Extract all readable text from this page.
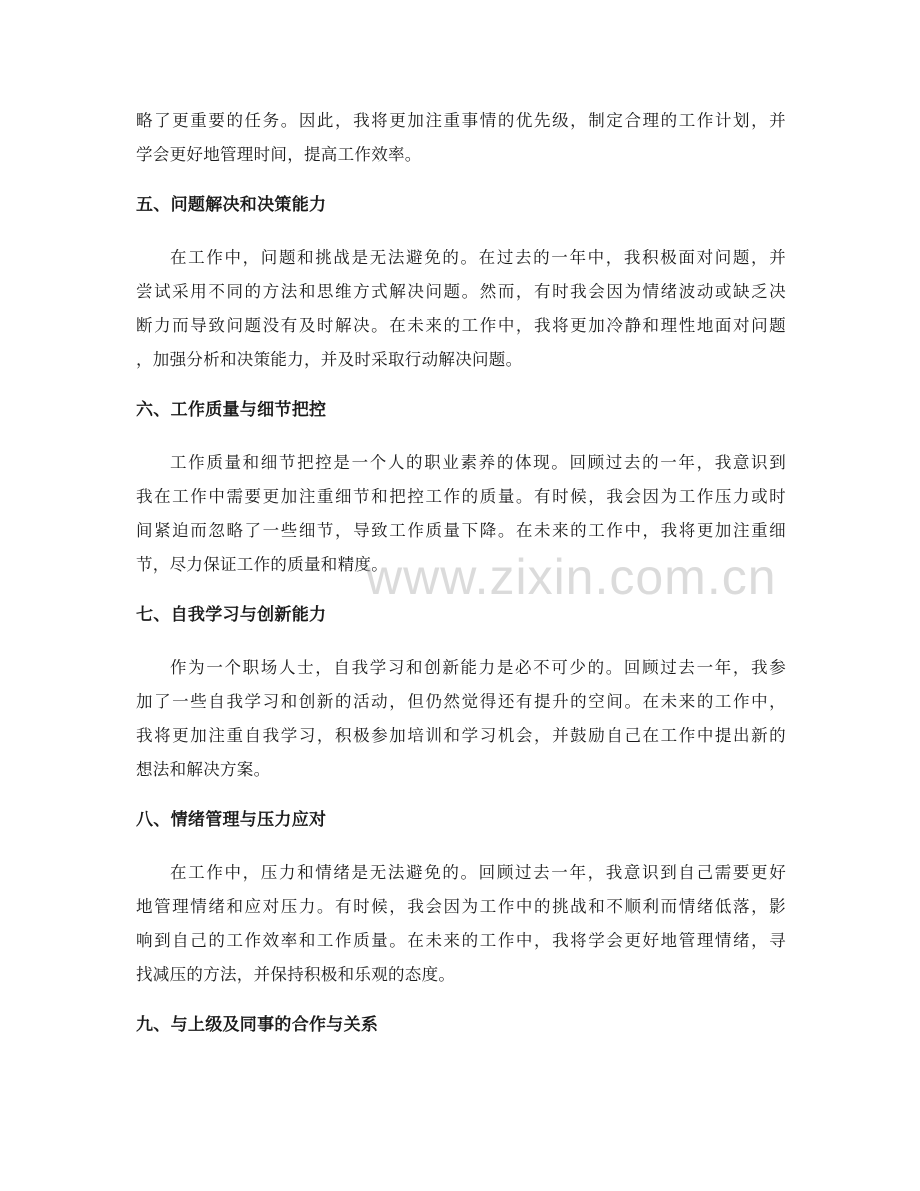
略了更重要的任务。因此，我将更加注重事情的优先级，制定合理的工作计划，并
学会更好地管理时间，提高工作效率。
五、问题解决和决策能力
在工作中，问题和挑战是无法避免的。在过去的一年中，我积极面对问题，并
尝试采用不同的方法和思维方式解决问题。然而，有时我会因为情绪波动或缺乏决
断力而导致问题没有及时解决。在未来的工作中，我将更加冷静和理性地面对问题
，加强分析和决策能力，并及时采取行动解决问题。
六、工作质量与细节把控
工作质量和细节把控是一个人的职业素养的体现。回顾过去的一年，我意识到
我在工作中需要更加注重细节和把控工作的质量。有时候，我会因为工作压力或时
间紧迫而忽略了一些细节，导致工作质量下降。在未来的工作中，我将更加注重细
节，尽力保证工作的质量和精度。
七、自我学习与创新能力
作为一个职场人士，自我学习和创新能力是必不可少的。回顾过去一年，我参
加了一些自我学习和创新的活动，但仍然觉得还有提升的空间。在未来的工作中，
我将更加注重自我学习，积极参加培训和学习机会，并鼓励自己在工作中提出新的
想法和解决方案。
八、情绪管理与压力应对
在工作中，压力和情绪是无法避免的。回顾过去一年，我意识到自己需要更好
地管理情绪和应对压力。有时候，我会因为工作中的挑战和不顺利而情绪低落，影
响到自己的工作效率和工作质量。在未来的工作中，我将学会更好地管理情绪，寻
找减压的方法，并保持积极和乐观的态度。
九、与上级及同事的合作与关系
www.zixin.com.cn
